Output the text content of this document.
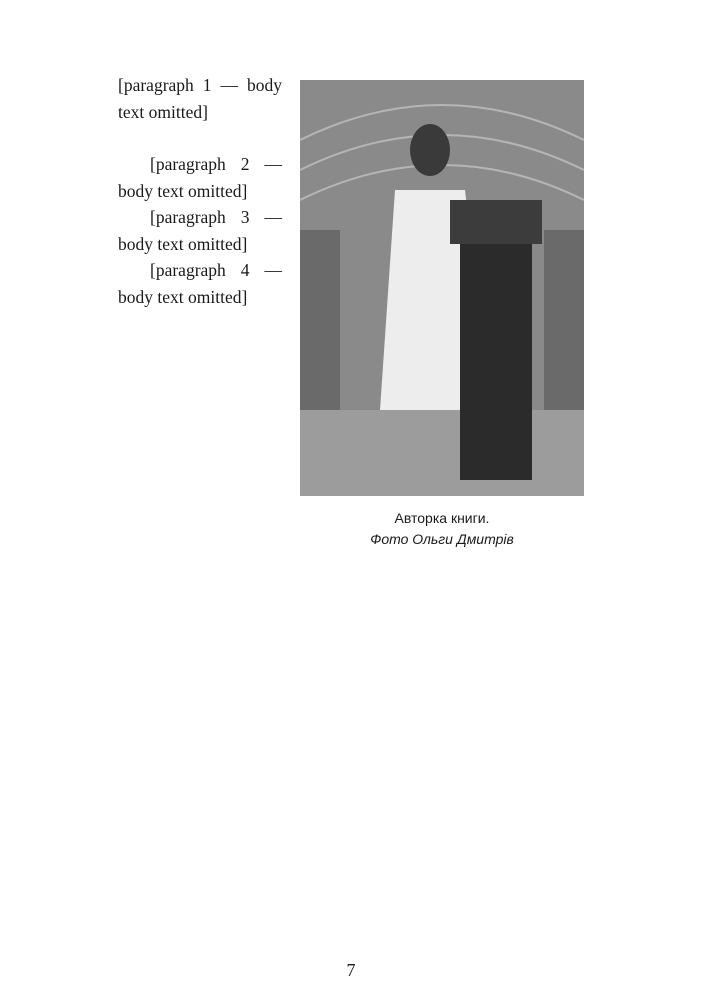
Авторка книги.
Фото Ольги Дмитрів

[paragraph 1 — body text omitted]

[paragraph 2 — body text omitted]

[paragraph 3 — body text omitted]

[paragraph 4 — body text omitted]

7
